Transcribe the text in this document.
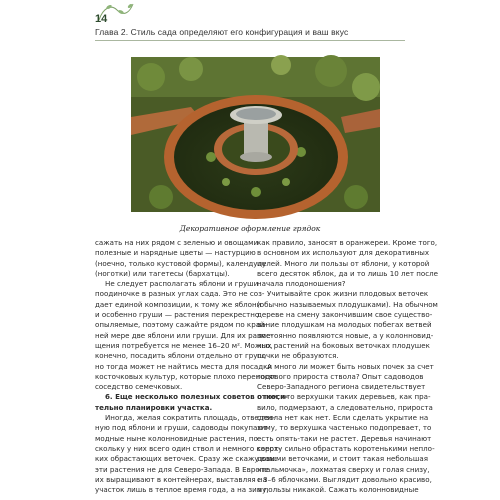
14
Глава 2. Стиль сада определяют его конфигурация и ваш вкус
Декоративное оформление грядок
сажать на них рядом с зеленью и овощами
полезные и нарядные цветы — настурцию
(ноечно, только кустовой формы), календулу
(ноготки) или тагетесы (бархатцы).
Не следует располагать яблони и груши
поодиночке в разных углах сада. Это не соз-
дает единой композиции, к тому же яблони
и особенно груши — растения перекрестно
опыляемые, поэтому сажайте рядом по край-
ней мере две яблони или груши. Для их разме-
щения потребуется не менее 16–20 м². Можно,
конечно, посадить яблони отдельно от груш,
но тогда может не найтись места для посадки
косточковых культур, которые плохо переносят
соседство семечковых.
6. Еще несколько полезных советов относи-
тельно планировки участка.
Иногда, желая сократить площадь, отведен-
ную под яблони и груши, садоводы покупают
модные ныне колонновидные растения, по-
скольку у них всего один ствол и немного корот-
ких обрастающих веточек. Сразу же скажу вам:
эти растения не для Северо-Запада. В Европе
их выращивают в контейнерах, выставляя на
участок лишь в теплое время года, а на зиму,
как правило, заносят в оранжереи. Кроме того,
в основном их используют для декоративных
целей. Много ли пользы от яблони, у которой
всего десяток яблок, да и то лишь 10 лет после
начала плодоношения?
Учитывайте срок жизни плодовых веточек
(обычно называемых плодушками). На обычном
дереве на смену закончившим свое существо-
вание плодушкам на молодых побегах ветвей
постоянно появляются новые, а у колонновид-
ных растений на боковых веточках плодушек
почки не образуются.
А много ли может быть новых почек за счет
годового прироста ствола? Опыт садоводов
Северо-Западного региона свидетельствует
о том, что верхушки таких деревьев, как пра-
вило, подмерзают, а следовательно, прироста
ствола нет как нет. Если сделать укрытие на
зиму, то верхушка частенько подопревает, то
есть опять-таки не растет. Деревья начинают
сверху сильно обрастать коротенькими неплo-
довыми веточками, и стоит такая небольшая
«пальмочка», лохматая сверху и голая снизу,
с 3–6 яблочками. Выглядит довольно красиво,
а пользы никакой. Сажать колонновидные
